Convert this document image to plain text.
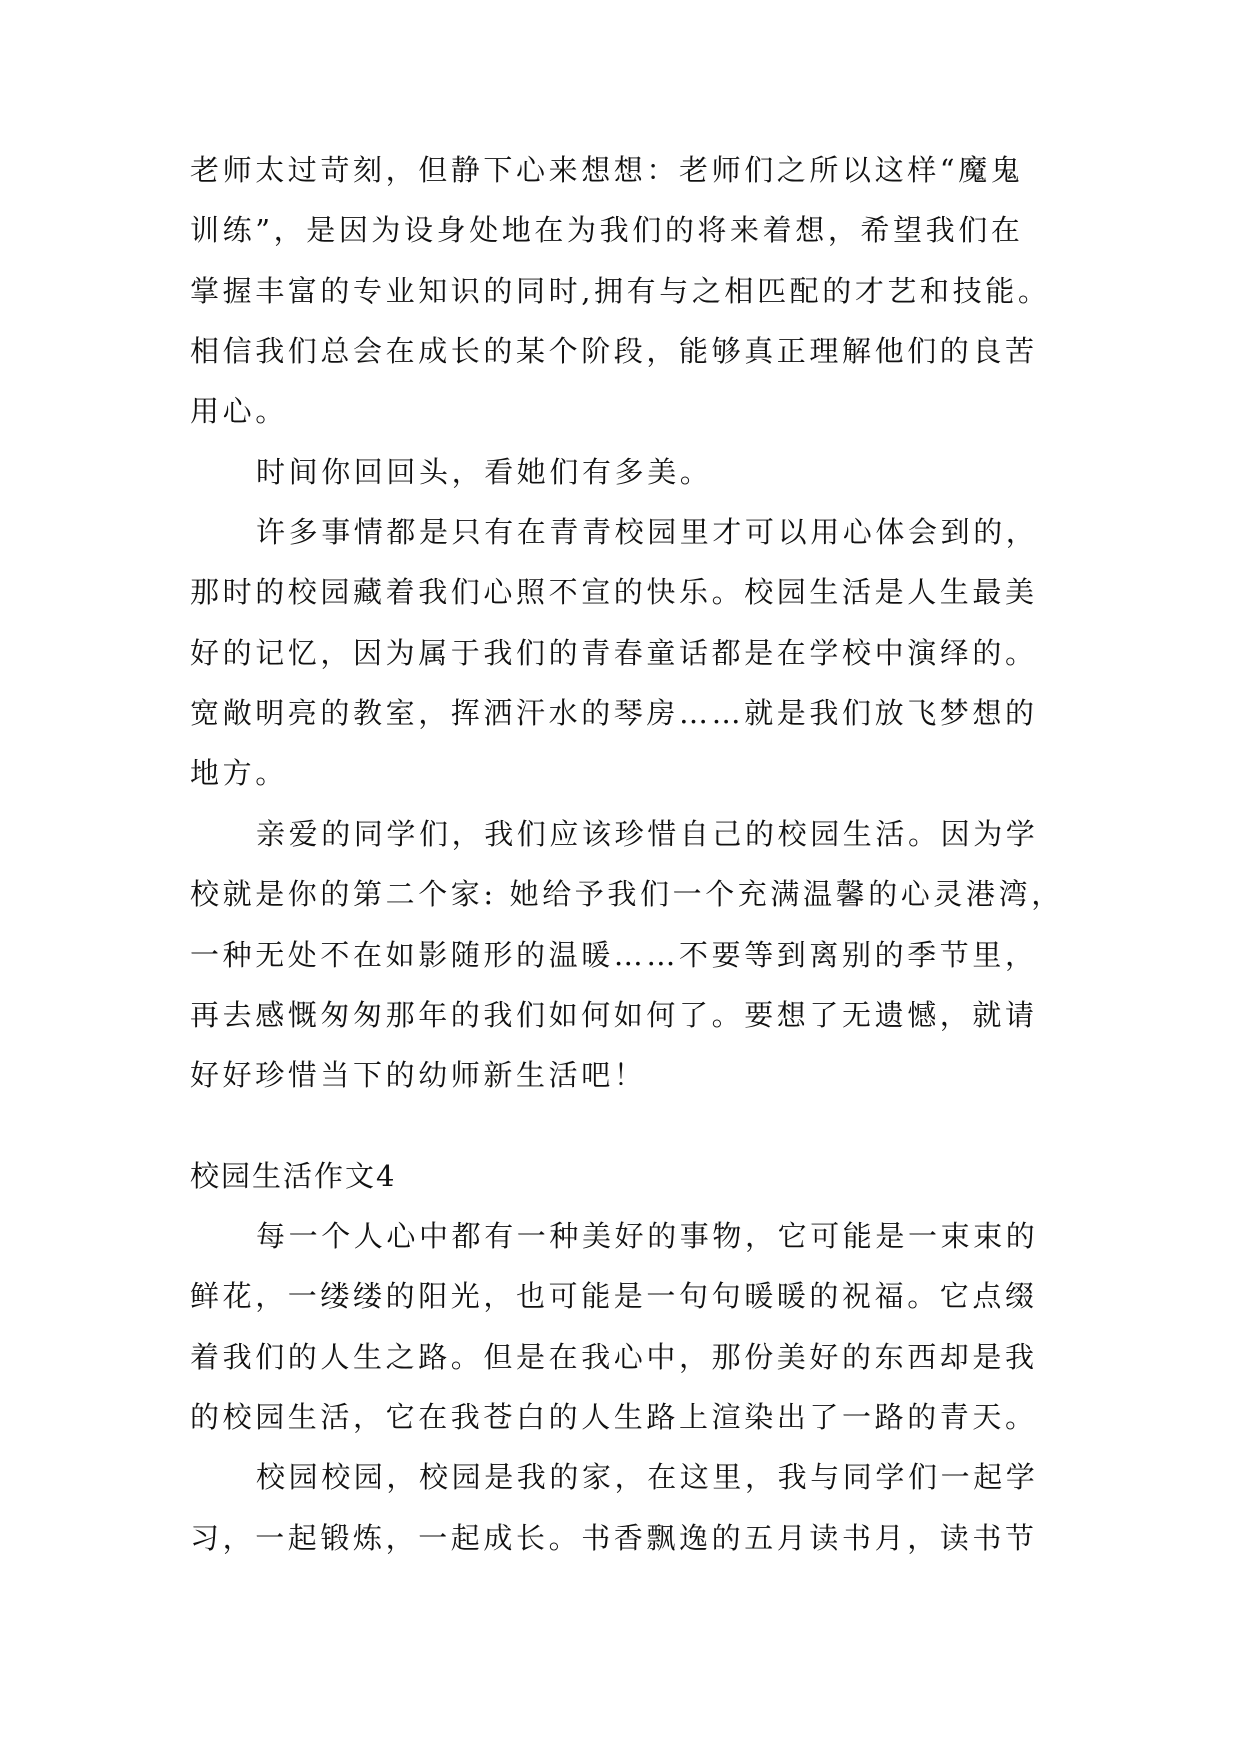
老师太过苛刻，但静下心来想想：老师们之所以这样“魔鬼

训练”，是因为设身处地在为我们的将来着想，希望我们在

掌握丰富的专业知识的同时,拥有与之相匹配的才艺和技能。

相信我们总会在成长的某个阶段，能够真正理解他们的良苦

用心。

时间你回回头，看她们有多美。

许多事情都是只有在青青校园里才可以用心体会到的，

那时的校园藏着我们心照不宣的快乐。校园生活是人生最美

好的记忆，因为属于我们的青春童话都是在学校中演绎的。

宽敞明亮的教室，挥洒汗水的琴房……就是我们放飞梦想的

地方。

亲爱的同学们，我们应该珍惜自己的校园生活。因为学

校就是你的第二个家: 她给予我们一个充满温馨的心灵港湾，

一种无处不在如影随形的温暖……不要等到离别的季节里，

再去感慨匆匆那年的我们如何如何了。要想了无遗憾，就请

好好珍惜当下的幼师新生活吧！

校园生活作文4

每一个人心中都有一种美好的事物，它可能是一束束的

鲜花，一缕缕的阳光，也可能是一句句暖暖的祝福。它点缀

着我们的人生之路。但是在我心中，那份美好的东西却是我

的校园生活，它在我苍白的人生路上渲染出了一路的青天。

校园校园，校园是我的家，在这里，我与同学们一起学

习，一起锻炼，一起成长。书香飘逸的五月读书月，读书节
